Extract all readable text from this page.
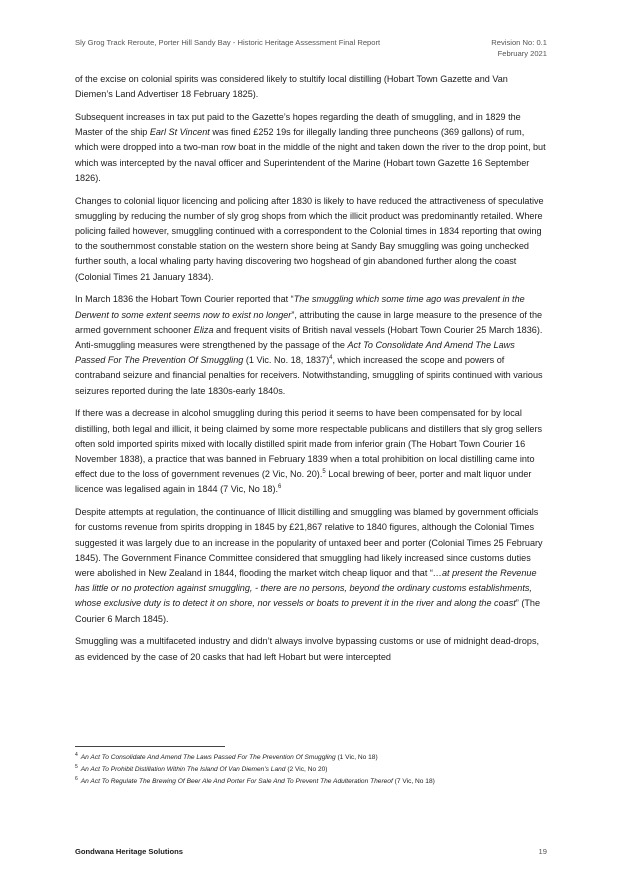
Sly Grog Track Reroute, Porter Hill Sandy Bay - Historic Heritage Assessment Final Report	Revision No: 0.1
February 2021

of the excise on colonial spirits was considered likely to stultify local distilling (Hobart Town Gazette and Van Diemen’s Land Advertiser 18 February 1825).

Subsequent increases in tax put paid to the Gazette’s hopes regarding the death of smuggling, and in 1829 the Master of the ship Earl St Vincent was fined £252 19s for illegally landing three puncheons (369 gallons) of rum, which were dropped into a two-man row boat in the middle of the night and taken down the river to the drop point, but which was intercepted by the naval officer and Superintendent of the Marine (Hobart town Gazette 16 September 1826).

Changes to colonial liquor licencing and policing after 1830 is likely to have reduced the attractiveness of speculative smuggling by reducing the number of sly grog shops from which the illicit product was predominantly retailed. Where policing failed however, smuggling continued with a correspondent to the Colonial times in 1834 reporting that owing to the southernmost constable station on the western shore being at Sandy Bay smuggling was going unchecked further south, a local whaling party having discovering two hogshead of gin abandoned further along the coast (Colonial Times 21 January 1834).

In March 1836 the Hobart Town Courier reported that “The smuggling which some time ago was prevalent in the Derwent to some extent seems now to exist no longer”, attributing the cause in large measure to the presence of the armed government schooner Eliza and frequent visits of British naval vessels (Hobart Town Courier 25 March 1836). Anti-smuggling measures were strengthened by the passage of the Act To Consolidate And Amend The Laws Passed For The Prevention Of Smuggling (1 Vic. No. 18, 1837)$^4$, which increased the scope and powers of contraband seizure and financial penalties for receivers. Notwithstanding, smuggling of spirits continued with various seizures reported during the late 1830s-early 1840s.

If there was a decrease in alcohol smuggling during this period it seems to have been compensated for by local distilling, both legal and illicit, it being claimed by some more respectable publicans and distillers that sly grog sellers often sold imported spirits mixed with locally distilled spirit made from inferior grain (The Hobart Town Courier 16 November 1838), a practice that was banned in February 1839 when a total prohibition on local distilling came into effect due to the loss of government revenues (2 Vic, No. 20).$^5$ Local brewing of beer, porter and malt liquor under licence was legalised again in 1844 (7 Vic, No 18).$^6$

Despite attempts at regulation, the continuance of Illicit distilling and smuggling was blamed by government officials for customs revenue from spirits dropping in 1845 by £21,867 relative to 1840 figures, although the Colonial Times suggested it was largely due to an increase in the popularity of untaxed beer and porter (Colonial Times 25 February 1845). The Government Finance Committee considered that smuggling had likely increased since customs duties were abolished in New Zealand in 1844, flooding the market witch cheap liquor and that “…at present the Revenue has little or no protection against smuggling, - there are no persons, beyond the ordinary customs establishments, whose exclusive duty is to detect it on shore, nor vessels or boats to prevent it in the river and along the coast” (The Courier 6 March 1845).

Smuggling was a multifaceted industry and didn’t always involve bypassing customs or use of midnight dead-drops, as evidenced by the case of 20 casks that had left Hobart but were intercepted

$^4$ An Act To Consolidate And Amend The Laws Passed For The Prevention Of Smuggling (1 Vic, No 18)
$^5$ An Act To Prohibit Distillation Within The Island Of Van Diemen’s Land (2 Vic, No 20)
$^6$ An Act To Regulate The Brewing Of Beer Ale And Porter For Sale And To Prevent The Adulteration Thereof (7 Vic, No 18)
Gondwana Heritage Solutions	19
